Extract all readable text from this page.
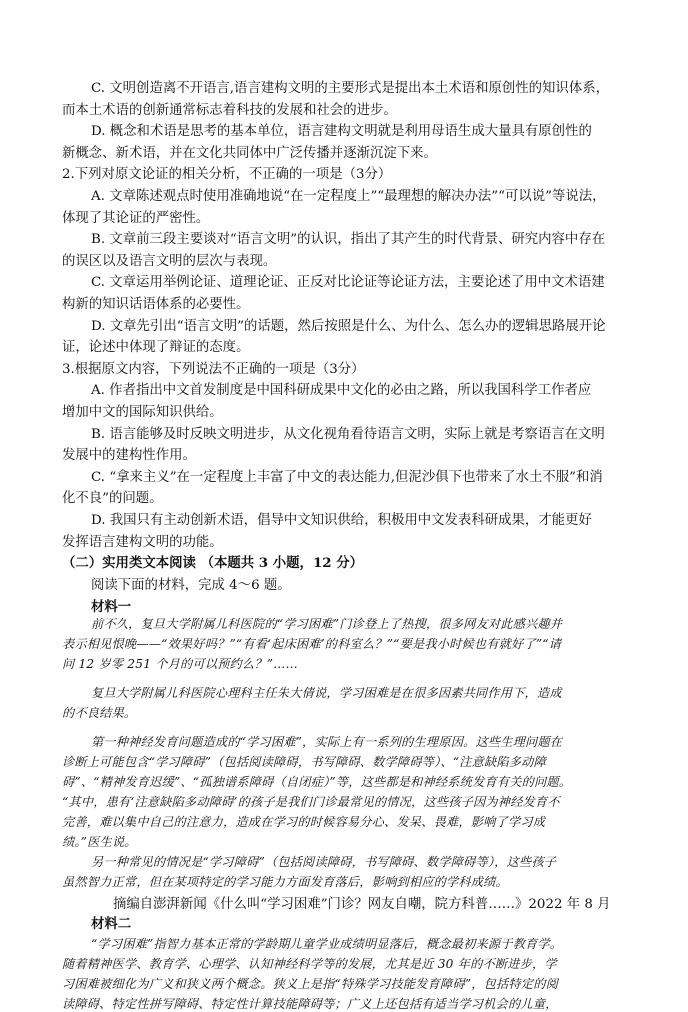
C. 文明创造离不开语言,语言建构文明的主要形式是提出本土术语和原创性的知识体系，

而本土术语的创新通常标志着科技的发展和社会的进步。

D. 概念和术语是思考的基本单位，语言建构文明就是利用母语生成大量具有原创性的

新概念、新术语，并在文化共同体中广泛传播并逐渐沉淀下来。

2.下列对原文论证的相关分析，不正确的一项是（3分）

A. 文章陈述观点时使用准确地说“在一定程度上”“最理想的解决办法”“可以说”等说法，

体现了其论证的严密性。

B. 文章前三段主要谈对“语言文明”的认识，指出了其产生的时代背景、研究内容中存在

的误区以及语言文明的层次与表现。

C. 文章运用举例论证、道理论证、正反对比论证等论证方法，主要论述了用中文术语建

构新的知识话语体系的必要性。

D. 文章先引出“语言文明”的话题，然后按照是什么、为什么、怎么办的逻辑思路展开论

证，论述中体现了辩证的态度。

3.根据原文内容，下列说法不正确的一项是（3分）

A. 作者指出中文首发制度是中国科研成果中文化的必由之路，所以我国科学工作者应

增加中文的国际知识供给。

B. 语言能够及时反映文明进步，从文化视角看待语言文明，实际上就是考察语言在文明

发展中的建构性作用。

C. “拿来主义”在一定程度上丰富了中文的表达能力,但泥沙俱下也带来了水土不服”和消

化不良”的问题。

D. 我国只有主动创新术语，倡导中文知识供给，积极用中文发表科研成果，才能更好

发挥语言建构文明的功能。

（二）实用类文本阅读 （本题共 3 小题，12 分）

阅读下面的材料，完成 4～6 题。

材料一

前不久，复旦大学附属儿科医院的“学习困难”门诊登上了热搜，很多网友对此感兴趣并

表示相见恨晚——“效果好吗？”“有看‘起床困难’的科室么？”“要是我小时候也有就好了”“请

问 12 岁零 251 个月的可以预约么？”……

复旦大学附属儿科医院心理科主任朱大倩说，学习困难是在很多因素共同作用下，造成

的不良结果。

第一种神经发育问题造成的“学习困难”，实际上有一系列的生理原因。这些生理问题在

诊断上可能包含“学习障碍”（包括阅读障碍，书写障碍、数学障碍等）、“注意缺陷多动障

碍”、“精神发育迟缓”、“孤独谱系障碍（自闭症）”等，这些都是和神经系统发育有关的问题。

“其中，患有‘注意缺陷多动障碍’的孩子是我们门诊最常见的情况，这些孩子因为神经发育不

完善，难以集中自己的注意力，造成在学习的时候容易分心、发呆、畏难，影响了学习成

绩。”医生说。

另一种常见的情况是“学习障碍”（包括阅读障碍，书写障碍、数学障碍等），这些孩子

虽然智力正常，但在某项特定的学习能力方面发育落后，影响到相应的学科成绩。

摘编自澎湃新闻《什么叫“学习困难”门诊？网友自嘲，院方科普……》2022 年 8 月

材料二

“学习困难”指智力基本正常的学龄期儿童学业成绩明显落后，概念最初来源于教育学。

随着精神医学、教育学、心理学、认知神经科学等的发展，尤其是近 30 年的不断进步，学

习困难被细化为广义和狭义两个概念。狭义上是指“特殊学习技能发育障碍”，包括特定的阅

读障碍、特定性拼写障碍、特定性计算技能障碍等；广义上还包括有适当学习机会的儿童，
